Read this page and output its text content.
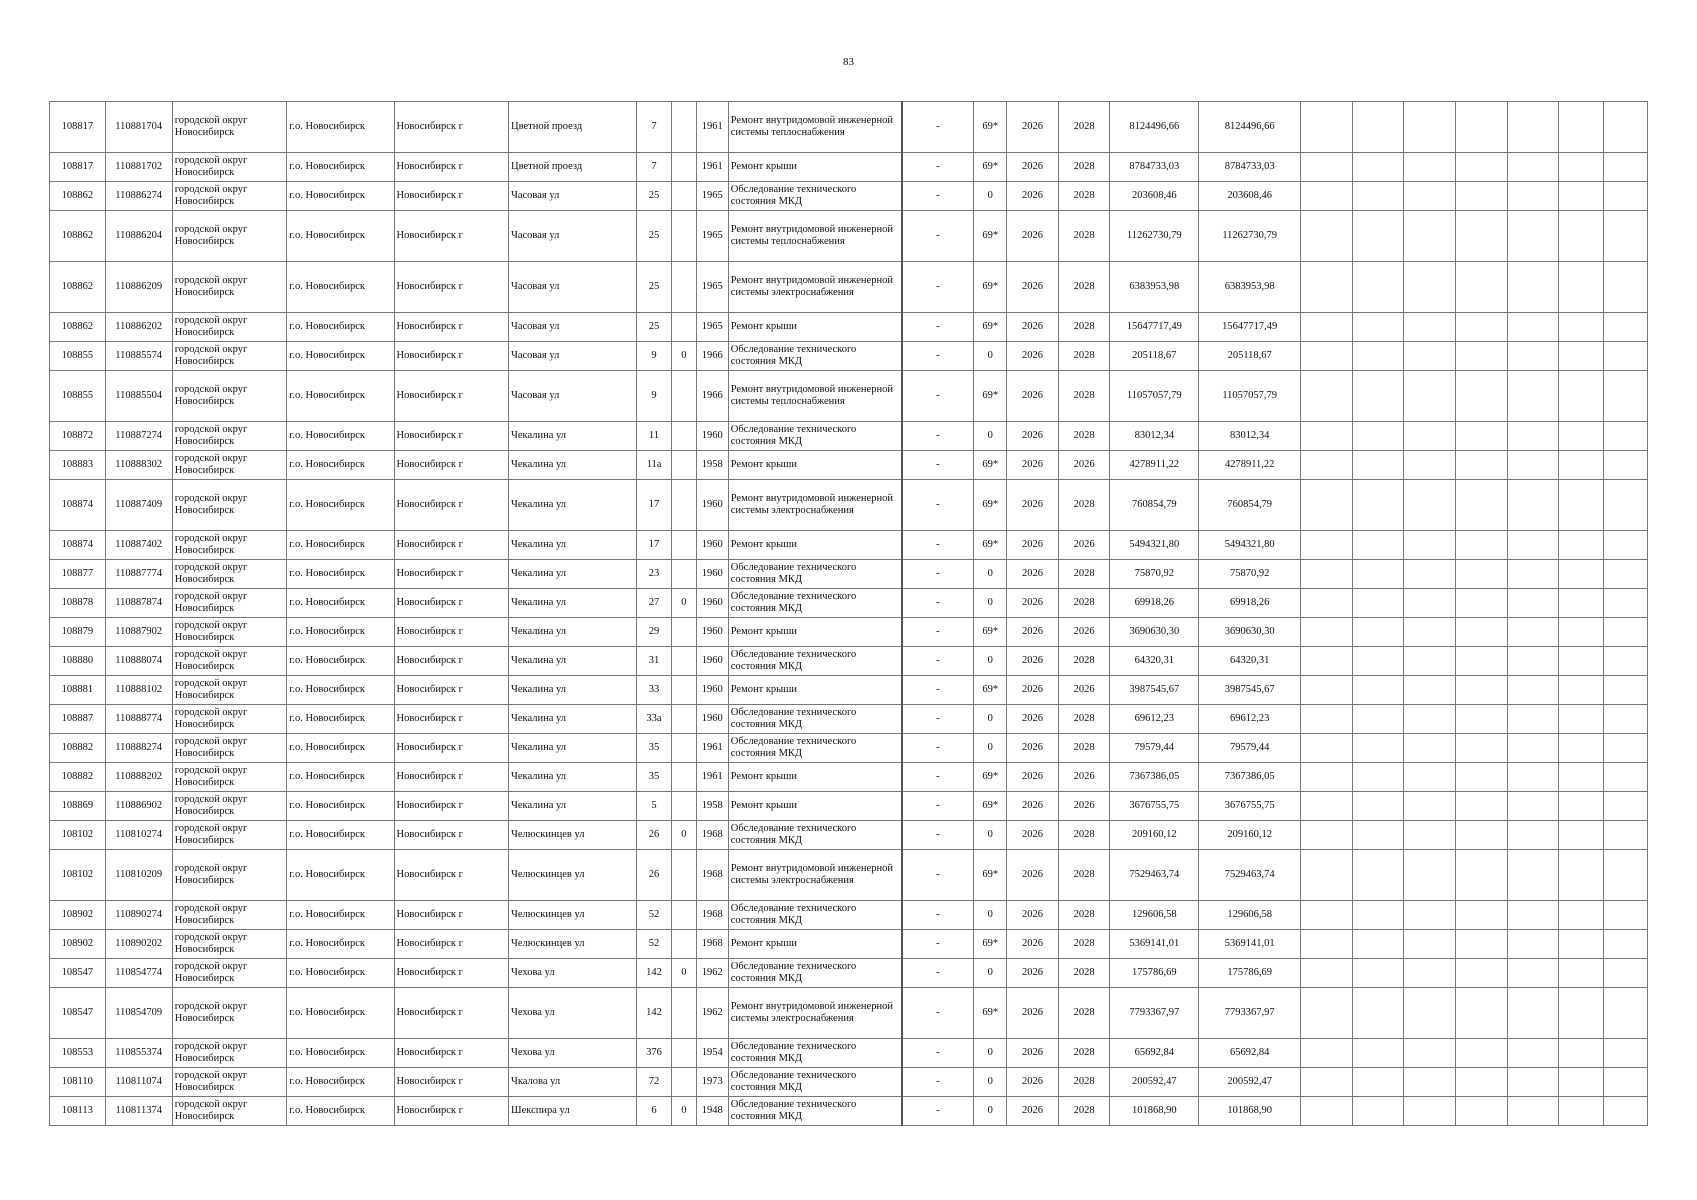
83
108817	110881704	городской округ Новосибирск	г.о. Новосибирск	Новосибирск г	Цветной проезд	7		1961	Ремонт внутридомовой инженерной системы теплоснабжения	-	69*	2026	2028	8124496,66	8124496,66							
108817	110881702	городской округ Новосибирск	г.о. Новосибирск	Новосибирск г	Цветной проезд	7		1961	Ремонт крыши	-	69*	2026	2028	8784733,03	8784733,03							
108862	110886274	городской округ Новосибирск	г.о. Новосибирск	Новосибирск г	Часовая ул	25		1965	Обследование технического состояния МКД	-	0	2026	2028	203608,46	203608,46							
108862	110886204	городской округ Новосибирск	г.о. Новосибирск	Новосибирск г	Часовая ул	25		1965	Ремонт внутридомовой инженерной системы теплоснабжения	-	69*	2026	2028	11262730,79	11262730,79							
108862	110886209	городской округ Новосибирск	г.о. Новосибирск	Новосибирск г	Часовая ул	25		1965	Ремонт внутридомовой инженерной системы электроснабжения	-	69*	2026	2028	6383953,98	6383953,98							
108862	110886202	городской округ Новосибирск	г.о. Новосибирск	Новосибирск г	Часовая ул	25		1965	Ремонт крыши	-	69*	2026	2028	15647717,49	15647717,49							
108855	110885574	городской округ Новосибирск	г.о. Новосибирск	Новосибирск г	Часовая ул	9	0	1966	Обследование технического состояния МКД	-	0	2026	2028	205118,67	205118,67							
108855	110885504	городской округ Новосибирск	г.о. Новосибирск	Новосибирск г	Часовая ул	9		1966	Ремонт внутридомовой инженерной системы теплоснабжения	-	69*	2026	2028	11057057,79	11057057,79							
108872	110887274	городской округ Новосибирск	г.о. Новосибирск	Новосибирск г	Чекалина ул	11		1960	Обследование технического состояния МКД	-	0	2026	2028	83012,34	83012,34							
108883	110888302	городской округ Новосибирск	г.о. Новосибирск	Новосибирск г	Чекалина ул	11а		1958	Ремонт крыши	-	69*	2026	2026	4278911,22	4278911,22							
108874	110887409	городской округ Новосибирск	г.о. Новосибирск	Новосибирск г	Чекалина ул	17		1960	Ремонт внутридомовой инженерной системы электроснабжения	-	69*	2026	2028	760854,79	760854,79							
108874	110887402	городской округ Новосибирск	г.о. Новосибирск	Новосибирск г	Чекалина ул	17		1960	Ремонт крыши	-	69*	2026	2026	5494321,80	5494321,80							
108877	110887774	городской округ Новосибирск	г.о. Новосибирск	Новосибирск г	Чекалина ул	23		1960	Обследование технического состояния МКД	-	0	2026	2028	75870,92	75870,92							
108878	110887874	городской округ Новосибирск	г.о. Новосибирск	Новосибирск г	Чекалина ул	27	0	1960	Обследование технического состояния МКД	-	0	2026	2028	69918,26	69918,26							
108879	110887902	городской округ Новосибирск	г.о. Новосибирск	Новосибирск г	Чекалина ул	29		1960	Ремонт крыши	-	69*	2026	2026	3690630,30	3690630,30							
108880	110888074	городской округ Новосибирск	г.о. Новосибирск	Новосибирск г	Чекалина ул	31		1960	Обследование технического состояния МКД	-	0	2026	2028	64320,31	64320,31							
108881	110888102	городской округ Новосибирск	г.о. Новосибирск	Новосибирск г	Чекалина ул	33		1960	Ремонт крыши	-	69*	2026	2026	3987545,67	3987545,67							
108887	110888774	городской округ Новосибирск	г.о. Новосибирск	Новосибирск г	Чекалина ул	33а		1960	Обследование технического состояния МКД	-	0	2026	2028	69612,23	69612,23							
108882	110888274	городской округ Новосибирск	г.о. Новосибирск	Новосибирск г	Чекалина ул	35		1961	Обследование технического состояния МКД	-	0	2026	2028	79579,44	79579,44							
108882	110888202	городской округ Новосибирск	г.о. Новосибирск	Новосибирск г	Чекалина ул	35		1961	Ремонт крыши	-	69*	2026	2026	7367386,05	7367386,05							
108869	110886902	городской округ Новосибирск	г.о. Новосибирск	Новосибирск г	Чекалина ул	5		1958	Ремонт крыши	-	69*	2026	2026	3676755,75	3676755,75							
108102	110810274	городской округ Новосибирск	г.о. Новосибирск	Новосибирск г	Челюскинцев ул	26	0	1968	Обследование технического состояния МКД	-	0	2026	2028	209160,12	209160,12							
108102	110810209	городской округ Новосибирск	г.о. Новосибирск	Новосибирск г	Челюскинцев ул	26		1968	Ремонт внутридомовой инженерной системы электроснабжения	-	69*	2026	2028	7529463,74	7529463,74							
108902	110890274	городской округ Новосибирск	г.о. Новосибирск	Новосибирск г	Челюскинцев ул	52		1968	Обследование технического состояния МКД	-	0	2026	2028	129606,58	129606,58							
108902	110890202	городской округ Новосибирск	г.о. Новосибирск	Новосибирск г	Челюскинцев ул	52		1968	Ремонт крыши	-	69*	2026	2028	5369141,01	5369141,01							
108547	110854774	городской округ Новосибирск	г.о. Новосибирск	Новосибирск г	Чехова ул	142	0	1962	Обследование технического состояния МКД	-	0	2026	2028	175786,69	175786,69							
108547	110854709	городской округ Новосибирск	г.о. Новосибирск	Новосибирск г	Чехова ул	142		1962	Ремонт внутридомовой инженерной системы электроснабжения	-	69*	2026	2028	7793367,97	7793367,97							
108553	110855374	городской округ Новосибирск	г.о. Новосибирск	Новосибирск г	Чехова ул	376		1954	Обследование технического состояния МКД	-	0	2026	2028	65692,84	65692,84							
108110	110811074	городской округ Новосибирск	г.о. Новосибирск	Новосибирск г	Чкалова ул	72		1973	Обследование технического состояния МКД	-	0	2026	2028	200592,47	200592,47							
108113	110811374	городской округ Новосибирск	г.о. Новосибирск	Новосибирск г	Шекспира ул	6	0	1948	Обследование технического состояния МКД	-	0	2026	2028	101868,90	101868,90							
